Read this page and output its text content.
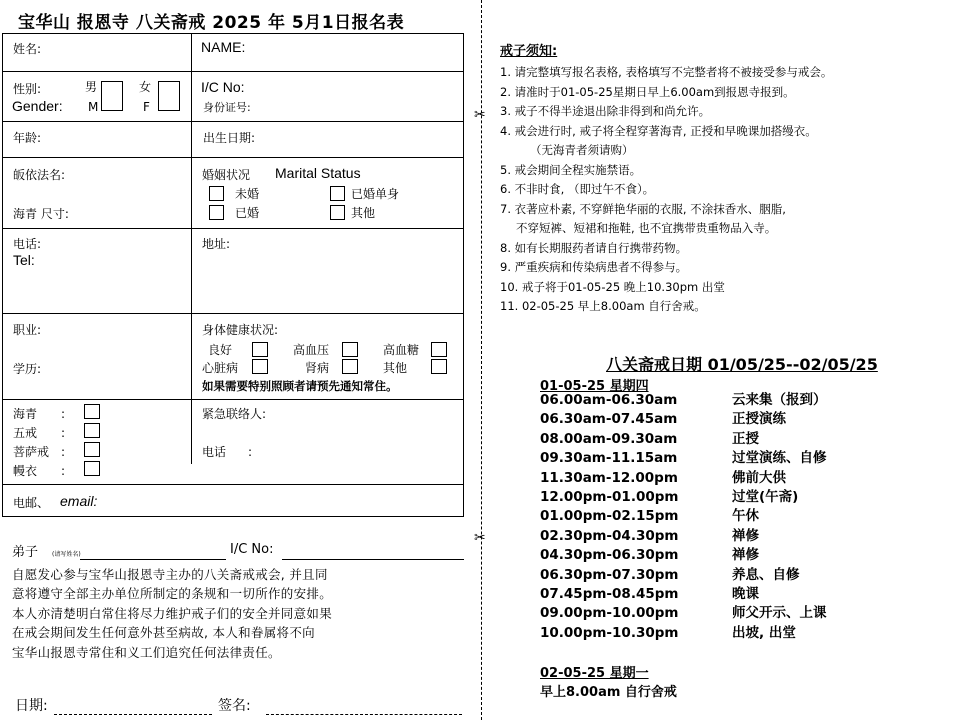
宝华山 报恩寺 八关斋戒 2025 年 5月1日报名表
姓名:	NAME:
性别:	男	女
Gender: M	F
I/C No:
身份证号:
年龄:	出生日期:
皈依法名:
海青 尺寸:
婚姻状况 Marital Status
未婚	已婚单身
已婚	其他
电话:
Tel:
地址:
职业:
学历:
身体健康状况:
良好	高血压	高血糖
心脏病	肾病	其他
如果需要特别照顾者请预先通知常住。
海青 :
五戒 :
菩萨戒 :
幔衣 :
紧急联络人:
电话 :
电邮、 email:
✂
✂
戒子须知:
1. 请完整填写报名表格, 表格填写不完整者将不被接受参与戒会。
2. 请准时于01-05-25星期日早上6.00am到报恩寺报到。
3. 戒子不得半途退出除非得到和尚允许。
4. 戒会进行时, 戒子将全程穿著海青, 正授和早晚课加搭缦衣。
（无海青者须请购）
5. 戒会期间全程实施禁语。
6. 不非时食, （即过午不食）。
7. 衣著应朴素, 不穿鲜艳华丽的衣服, 不涂抹香水、胭脂,
不穿短裤、短裙和拖鞋, 也不宜携带贵重物品入寺。
8. 如有长期服药者请自行携带药物。
9. 严重疾病和传染病患者不得参与。
10. 戒子将于01-05-25 晚上10.30pm 出堂
11. 02-05-25 早上8.00am 自行舍戒。
八关斋戒日期 01/05/25--02/05/25
01-05-25 星期四
06.00am-06.30am	云来集（报到）
06.30am-07.45am	正授演练
08.00am-09.30am	正授
09.30am-11.15am	过堂演练、自修
11.30am-12.00pm	佛前大供
12.00pm-01.00pm	过堂(午斋)
01.00pm-02.15pm	午休
02.30pm-04.30pm	禅修
04.30pm-06.30pm	禅修
06.30pm-07.30pm	养息、自修
07.45pm-08.45pm	晚课
09.00pm-10.00pm	师父开示、上课
10.00pm-10.30pm	出坡, 出堂
02-05-25 星期一
早上8.00am 自行舍戒
弟子 (请写姓名)	I/C No:
自愿发心参与宝华山报恩寺主办的八关斋戒戒会, 并且同
意将遵守全部主办单位所制定的条规和一切所作的安排。
本人亦清楚明白常住将尽力维护戒子们的安全并同意如果
在戒会期间发生任何意外甚至病故, 本人和眷属将不向
宝华山报恩寺常住和义工们追究任何法律责任。
日期:	签名:
